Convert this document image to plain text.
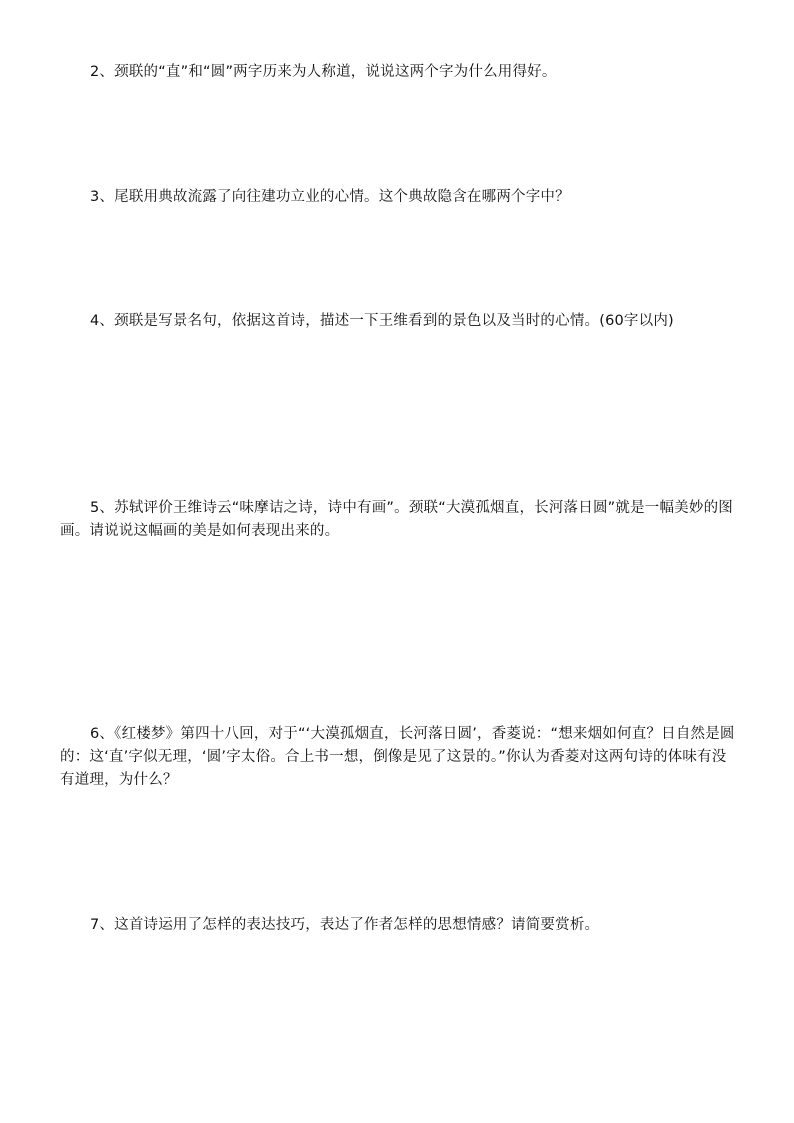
2、颈联的“直”和“圆”两字历来为人称道，说说这两个字为什么用得好。

3、尾联用典故流露了向往建功立业的心情。这个典故隐含在哪两个字中？

4、颈联是写景名句，依据这首诗，描述一下王维看到的景色以及当时的心情。(60字以内)

5、苏轼评价王维诗云“味摩诘之诗，诗中有画”。颈联“大漠孤烟直，长河落日圆”就是一幅美妙的图画。请说说这幅画的美是如何表现出来的。

6、《红楼梦》第四十八回，对于“‘大漠孤烟直，长河落日圆’，香菱说：“想来烟如何直？日自然是圆的：这‘直’字似无理，‘圆’字太俗。合上书一想，倒像是见了这景的。”你认为香菱对这两句诗的体味有没有道理，为什么？

7、这首诗运用了怎样的表达技巧，表达了作者怎样的思想情感？请简要赏析。
